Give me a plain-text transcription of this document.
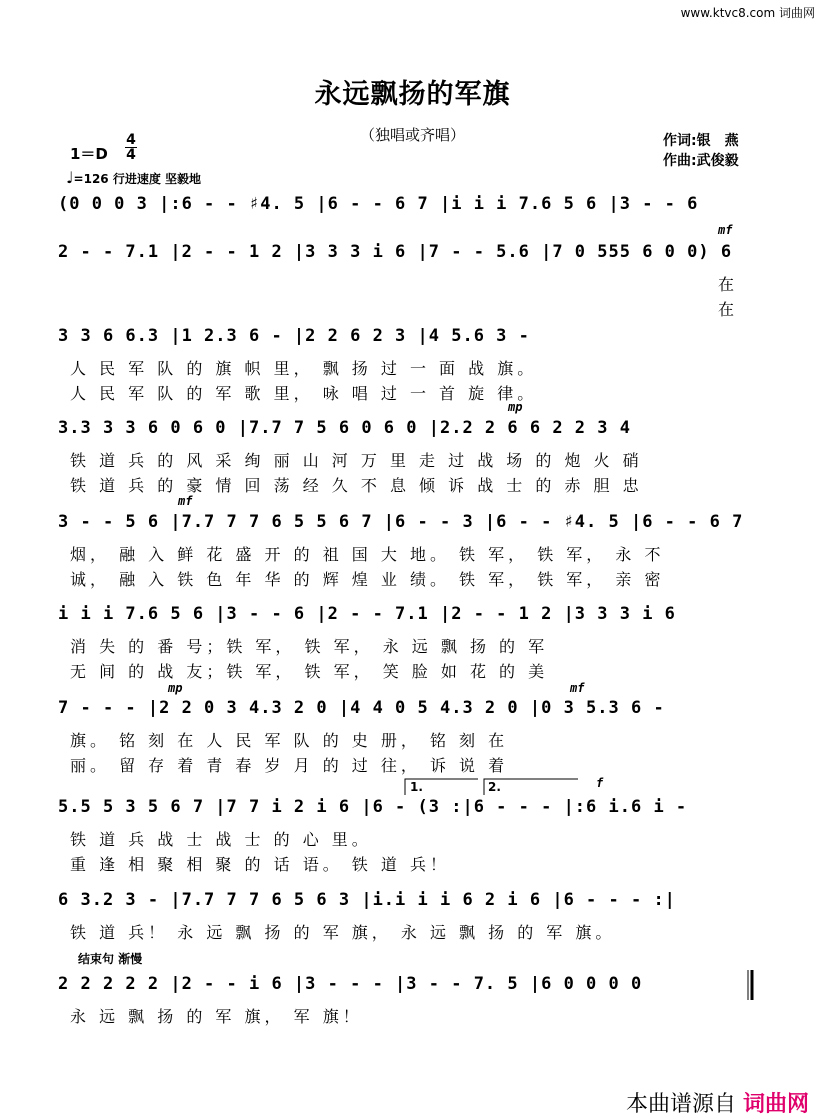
www.ktvc8.com 词曲网
永远飘扬的军旗
（独唱或齐唱）	作词:银　燕
作曲:武俊毅
$1=D \frac{4}{4}$
♩=126 行进速度 坚毅地
mf
mp
mf
mp	mf
f
1.	2.
结束句 渐慢
(0 0 0 3 |:6 - - ♯4. 5 |6 - - 6 7 |i i i 7.6 5 6 |3 - - 6
2 - - 7.1 |2 - - 1 2 |3 3 3 i 6 |7 - - 5.6 |7 0 555 6 0 0) 6
在
在
3 3 6 6.3 |1 2.3 6 - |2 2 6 2 3 |4 5.6 3 -
人 民 军 队 的 旗 帜 里， 飘 扬 过 一 面 战 旗。
人 民 军 队 的 军 歌 里， 咏 唱 过 一 首 旋 律。
3.3 3 3 6 0 6 0 |7.7 7 5 6 0 6 0 |2.2 2 6 6 2 2 3 4
铁 道 兵 的 风 采 绚 丽 山 河 万 里 走 过 战 场 的 炮 火 硝
铁 道 兵 的 豪 情 回 荡 经 久 不 息 倾 诉 战 士 的 赤 胆 忠
3 - - 5 6 |7.7 7 7 6 5 5 6 7 |6 - - 3 |6 - - ♯4. 5 |6 - - 6 7
烟， 融 入 鲜 花 盛 开 的 祖 国 大 地。 铁 军， 铁 军， 永 不
诚， 融 入 铁 色 年 华 的 辉 煌 业 绩。 铁 军， 铁 军， 亲 密
i i i 7.6 5 6 |3 - - 6 |2 - - 7.1 |2 - - 1 2 |3 3 3 i 6
消 失 的 番 号；铁 军， 铁 军， 永 远 飘 扬 的 军
无 间 的 战 友；铁 军， 铁 军， 笑 脸 如 花 的 美
7 - - - |2 2 0 3 4.3 2 0 |4 4 0 5 4.3 2 0 |0 3 5.3 6 -
旗。 铭 刻 在 人 民 军 队 的 史 册， 铭 刻 在
丽。 留 存 着 青 春 岁 月 的 过 往， 诉 说 着
5.5 5 3 5 6 7 |7 7 i 2 i 6 |6 - (3 :|6 - - - |:6 i.6 i -
铁 道 兵 战 士 战 士 的 心 里。
重 逢 相 聚 相 聚 的 话 语。 铁 道 兵！
6 3.2 3 - |7.7 7 7 6 5 6 3 |i.i i i 6 2 i 6 |6 - - - :|
铁 道 兵！ 永 远 飘 扬 的 军 旗， 永 远 飘 扬 的 军 旗。
2 2 2 2 2 |2 - - i 6 |3 - - - |3 - - 7. 5 |6 0 0 0 0
永 远 飘 扬 的 军 旗， 军 旗！
本曲谱源自 词曲网
